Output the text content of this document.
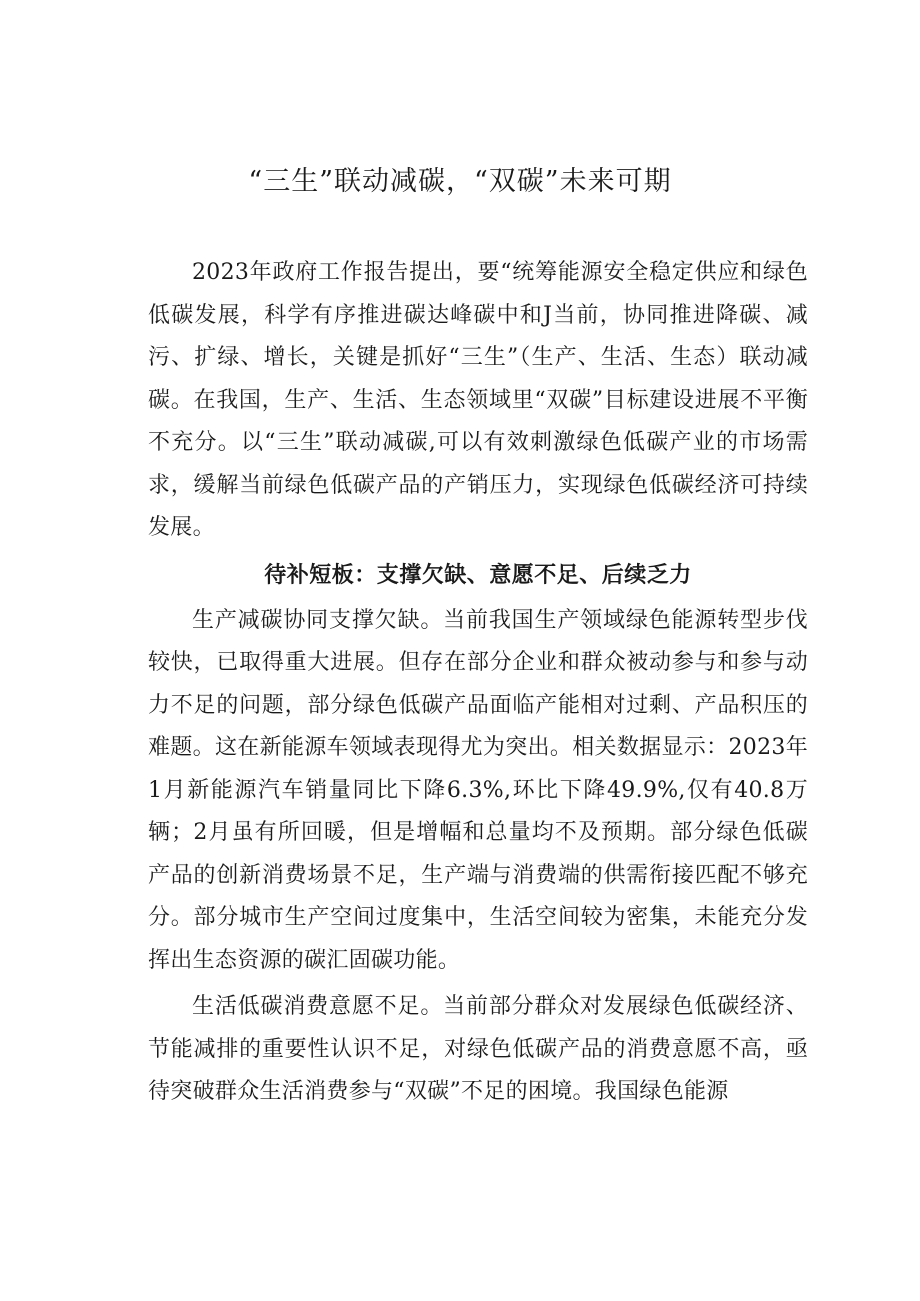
“三生”联动减碳，“双碳”未来可期

2023年政府工作报告提出，要“统筹能源安全稳定供应和绿色低碳发展，科学有序推进碳达峰碳中和J当前，协同推进降碳、减污、扩绿、增长，关键是抓好“三生”（生产、生活、生态）联动减碳。在我国，生产、生活、生态领域里“双碳”目标建设进展不平衡不充分。以“三生”联动减碳,可以有效刺激绿色低碳产业的市场需求，缓解当前绿色低碳产品的产销压力，实现绿色低碳经济可持续发展。

待补短板：支撑欠缺、意愿不足、后续乏力

生产减碳协同支撑欠缺。当前我国生产领域绿色能源转型步伐较快，已取得重大进展。但存在部分企业和群众被动参与和参与动力不足的问题，部分绿色低碳产品面临产能相对过剩、产品积压的难题。这在新能源车领域表现得尤为突出。相关数据显示：2023年1月新能源汽车销量同比下降6.3%,环比下降49.9%,仅有40.8万辆；2月虽有所回暖，但是增幅和总量均不及预期。部分绿色低碳产品的创新消费场景不足，生产端与消费端的供需衔接匹配不够充分。部分城市生产空间过度集中，生活空间较为密集，未能充分发挥出生态资源的碳汇固碳功能。

生活低碳消费意愿不足。当前部分群众对发展绿色低碳经济、节能减排的重要性认识不足，对绿色低碳产品的消费意愿不高，亟待突破群众生活消费参与“双碳”不足的困境。我国绿色能源
